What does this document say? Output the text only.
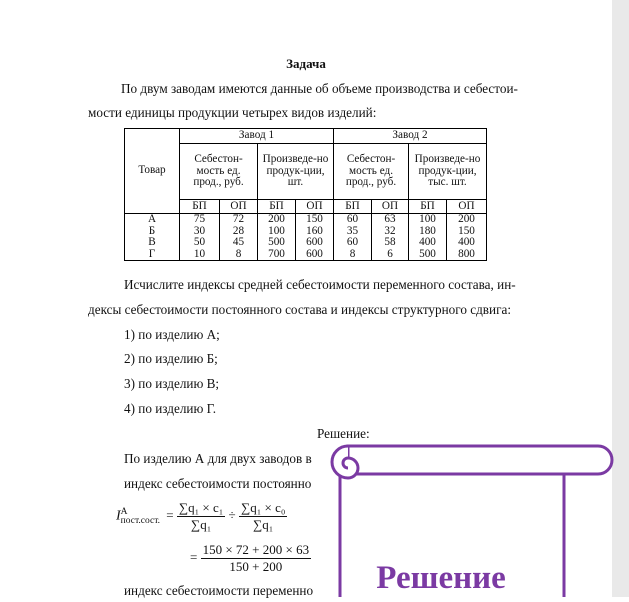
Задача
По двум заводам имеются данные об объеме производства и себестои-
мости единицы продукции четырех видов изделий:
Товар	Завод 1				Завод 2			
	Себестон-мость ед. прод., руб.		Произведе-но продук-ции, шт.		Себестон-мость ед. прод., руб.		Произведе-но продук-ции, тыс. шт.	
	БП	ОП	БП	ОП	БП	ОП	БП	ОП
А	75	72	200	150	60	63	100	200
Б	30	28	100	160	35	32	180	150
В	50	45	500	600	60	58	400	400
Г	10	8	700	600	8	6	500	800
Исчислите индексы средней себестоимости переменного состава, ин-
дексы себестоимости постоянного состава и индексы структурного сдвига:
1) по изделию А;
2) по изделию Б;
3) по изделию В;
4) по изделию Г.
Решение:
По изделию А для двух заводов в
индекс себестоимости постоянно
I А
пост.сост. = $\frac{\text{∑q₁ × c₁}}{\text{∑q₁}} \div \frac{\text{∑q₁ × c₀}}{\text{∑q₁}}$
= $\frac{150 \times 72 + 200 \times 63}{150 + 200}$
индекс себестоимости переменно	Решение
